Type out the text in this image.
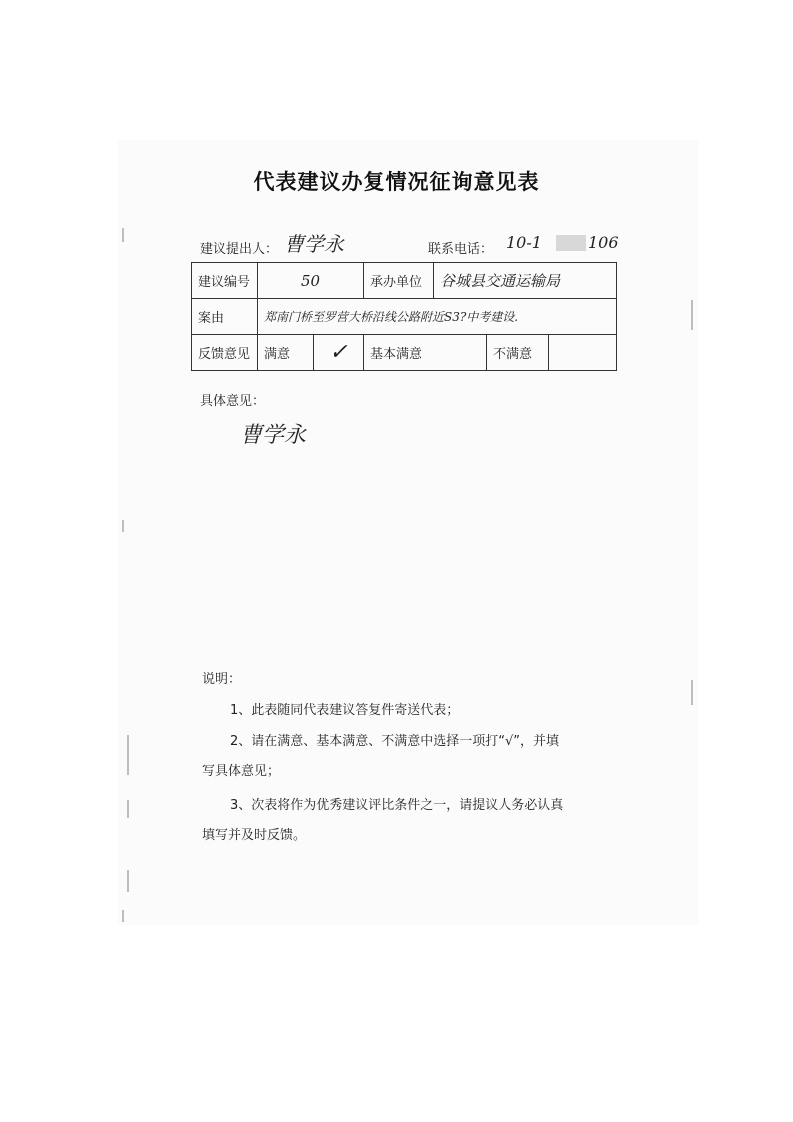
代表建议办复情况征询意见表
建议提出人： 曹学永	联系电话： 10-1	106
建议编号	50		承办单位	谷城县交通运输局		
案由	郑南门桥至罗营大桥沿线公路附近S3?中考建设.					
反馈意见	满意	✓	基本满意		不满意	
具体意见：
曹学永
说明：
1、此表随同代表建议答复件寄送代表；
2、请在满意、基本满意、不满意中选择一项打“√”，并填
写具体意见；
3、次表将作为优秀建议评比条件之一，请提议人务必认真
填写并及时反馈。
